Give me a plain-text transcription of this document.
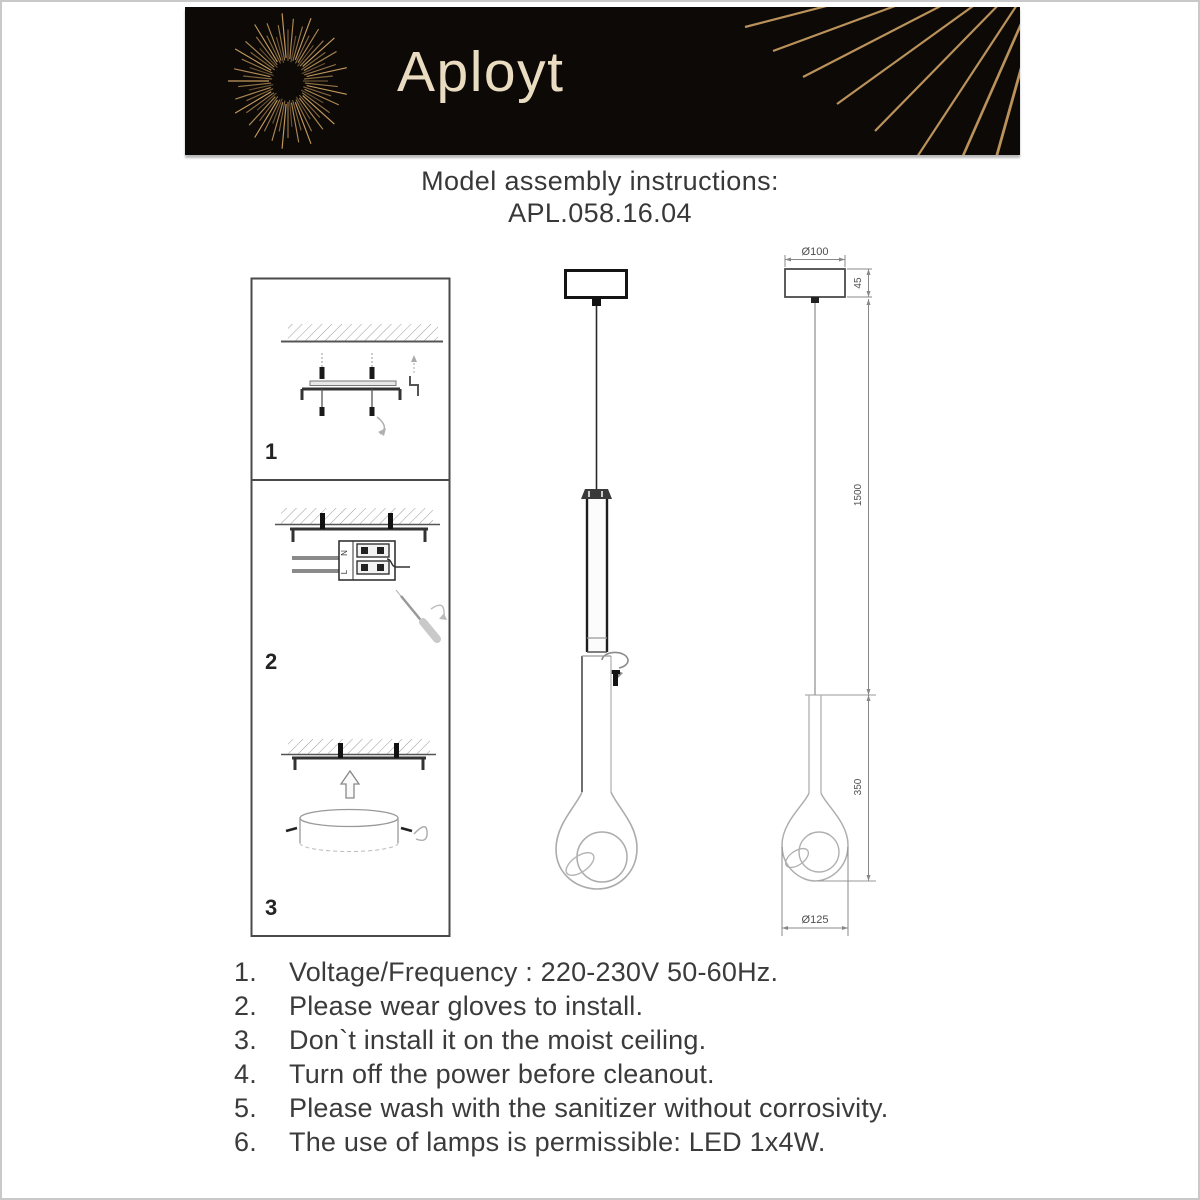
Aployt
Model assembly instructions:
APL.058.16.04
1
N
L
2
3
Ø100
45
1500
350
Ø125
1.	Voltage/Frequency : 220-230V 50-60Hz.
2.	Please wear gloves to install.
3.	Don`t install it on the moist ceiling.
4.	Turn off the power before cleanout.
5.	Please wash with the sanitizer without corrosivity.
6.	The use of lamps is permissible: LED 1x4W.
